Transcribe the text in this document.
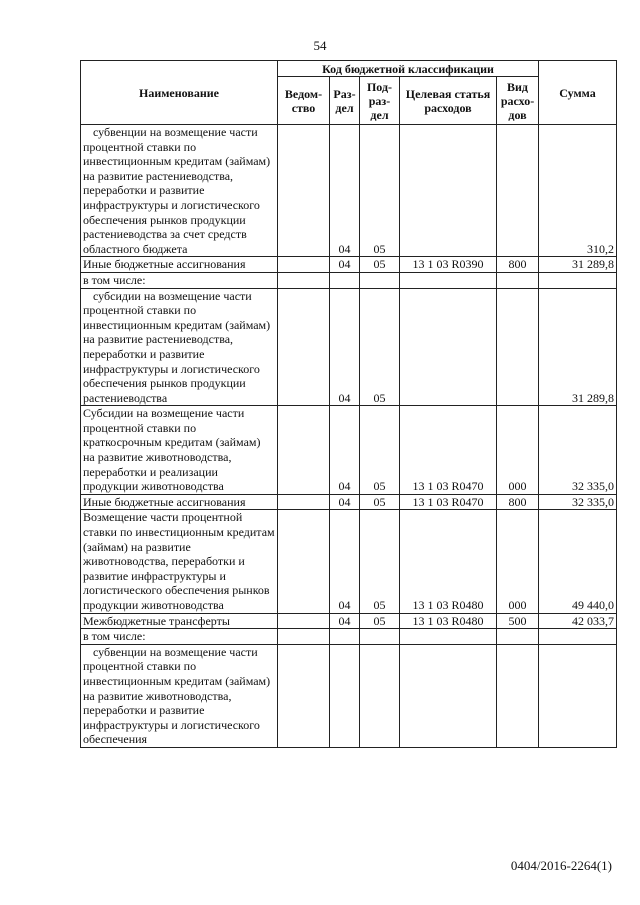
54
Наименование	Код бюджетной классификации					Сумма
	Ведом-ство	Раз-дел	Под-раз-дел	Целевая статья расходов	Вид расхо-дов	
субвенции на возмещение части процентной ставки по инвестиционным кредитам (займам) на развитие растениеводства, переработки и развитие инфраструктуры и логистического обеспечения рынков продукции растениеводства за счет средств областного бюджета		04	05			310,2
Иные бюджетные ассигнования		04	05	13 1 03 R0390	800	31 289,8
в том числе:						
субсидии на возмещение части процентной ставки по инвестиционным кредитам (займам) на развитие растениеводства, переработки и развитие инфраструктуры и логистического обеспечения рынков продукции растениеводства		04	05			31 289,8
Субсидии на возмещение части процентной ставки по краткосрочным кредитам (займам) на развитие животноводства, переработки и реализации продукции животноводства		04	05	13 1 03 R0470	000	32 335,0
Иные бюджетные ассигнования		04	05	13 1 03 R0470	800	32 335,0
Возмещение части процентной ставки по инвестиционным кредитам (займам) на развитие животноводства, переработки и развитие инфраструктуры и логистического обеспечения рынков продукции животноводства		04	05	13 1 03 R0480	000	49 440,0
Межбюджетные трансферты		04	05	13 1 03 R0480	500	42 033,7
в том числе:						
субвенции на возмещение части процентной ставки по инвестиционным кредитам (займам) на развитие животноводства, переработки и развитие инфраструктуры и логистического обеспечения						
0404/2016-2264(1)
